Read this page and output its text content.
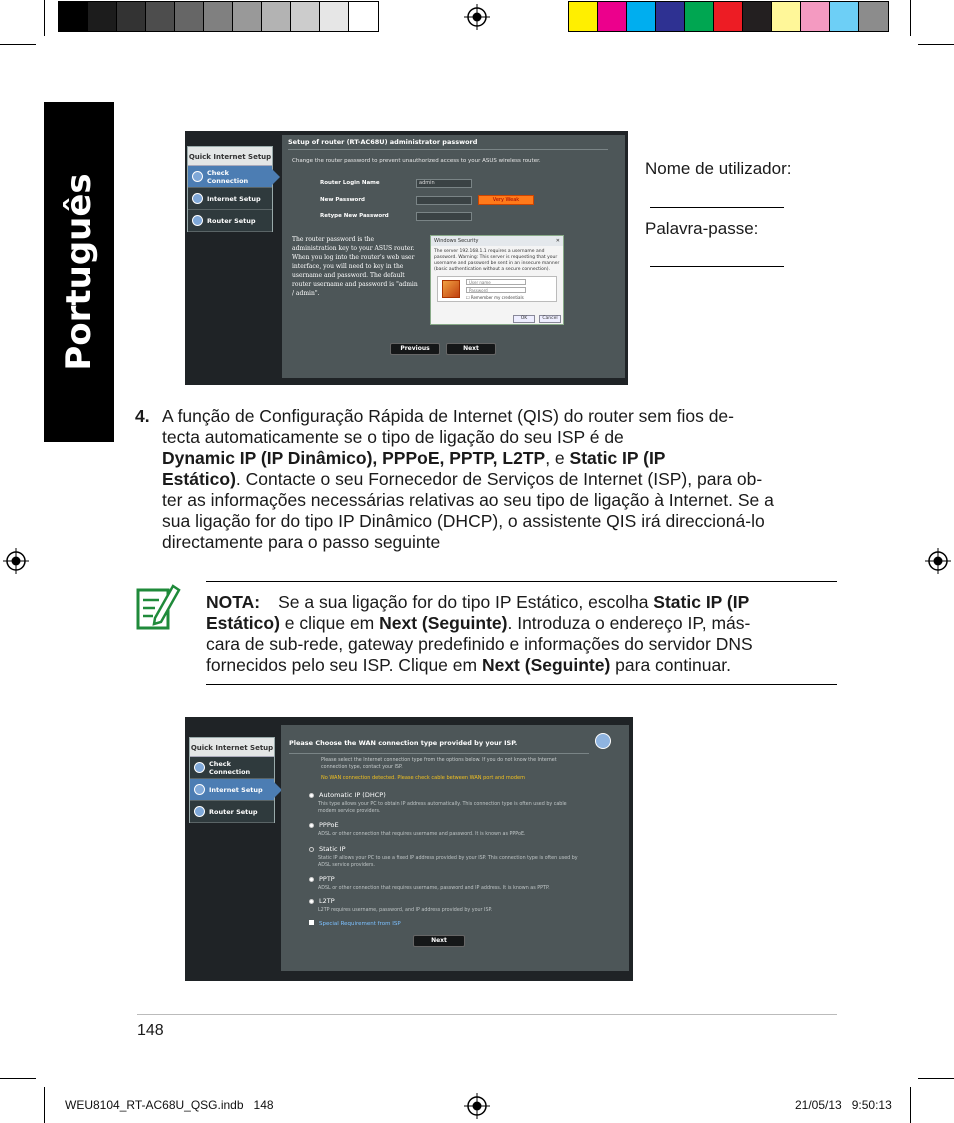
Português
Quick Internet Setup
Check Connection
Internet Setup
Router Setup
Setup of router (RT-AC68U) administrator password
Change the router password to prevent unauthorized access to your ASUS wireless router.
Router Login Name	admin
New Password	Very Weak
Retype New Password
The router password is the administration key to your ASUS router. When you log into the router's web user interface, you will need to key in the username and password. The default router username and password is "admin / admin".
Windows Security	✕
The server 192.168.1.1 requires a username and password. Warning: This server is requesting that your username and password be sent in an insecure manner (basic authentication without a secure connection).
User name
Password
☐ Remember my credentials
OK	Cancel
Previous	Next
Nome de utilizador:
Palavra-passe:
4. A função de Configuração Rápida de Internet (QIS) do router sem fios de-
tecta automaticamente se o tipo de ligação do seu ISP é de
Dynamic IP (IP Dinâmico), PPPoE, PPTP, L2TP, e Static IP (IP
Estático). Contacte o seu Fornecedor de Serviços de Internet (ISP), para ob-
ter as informações necessárias relativas ao seu tipo de ligação à Internet. Se a
sua ligação for do tipo IP Dinâmico (DHCP), o assistente QIS irá direccioná-lo
directamente para o passo seguinte
NOTA: Se a sua ligação for do tipo IP Estático, escolha Static IP (IP
Estático) e clique em Next (Seguinte). Introduza o endereço IP, más-
cara de sub-rede, gateway predefinido e informações do servidor DNS
fornecidos pelo seu ISP. Clique em Next (Seguinte) para continuar.
Quick Internet Setup
Check Connection
Internet Setup
Router Setup
Please Choose the WAN connection type provided by your ISP.
Please select the Internet connection type from the options below. If you do not know the Internet connection type, contact your ISP.
No WAN connection detected. Please check cable between WAN port and modem
Automatic IP (DHCP)
This type allows your PC to obtain IP address automatically. This connection type is often used by cable modem service providers.
PPPoE
ADSL or other connection that requires username and password. It is known as PPPoE.
Static IP
Static IP allows your PC to use a fixed IP address provided by your ISP. This connection type is often used by ADSL service providers.
PPTP
ADSL or other connection that requires username, password and IP address. It is known as PPTP.
L2TP
L2TP requires username, password, and IP address provided by your ISP.
Special Requirement from ISP
Next
148
WEU8104_RT-AC68U_QSG.indb   148	21/05/13   9:50:13
